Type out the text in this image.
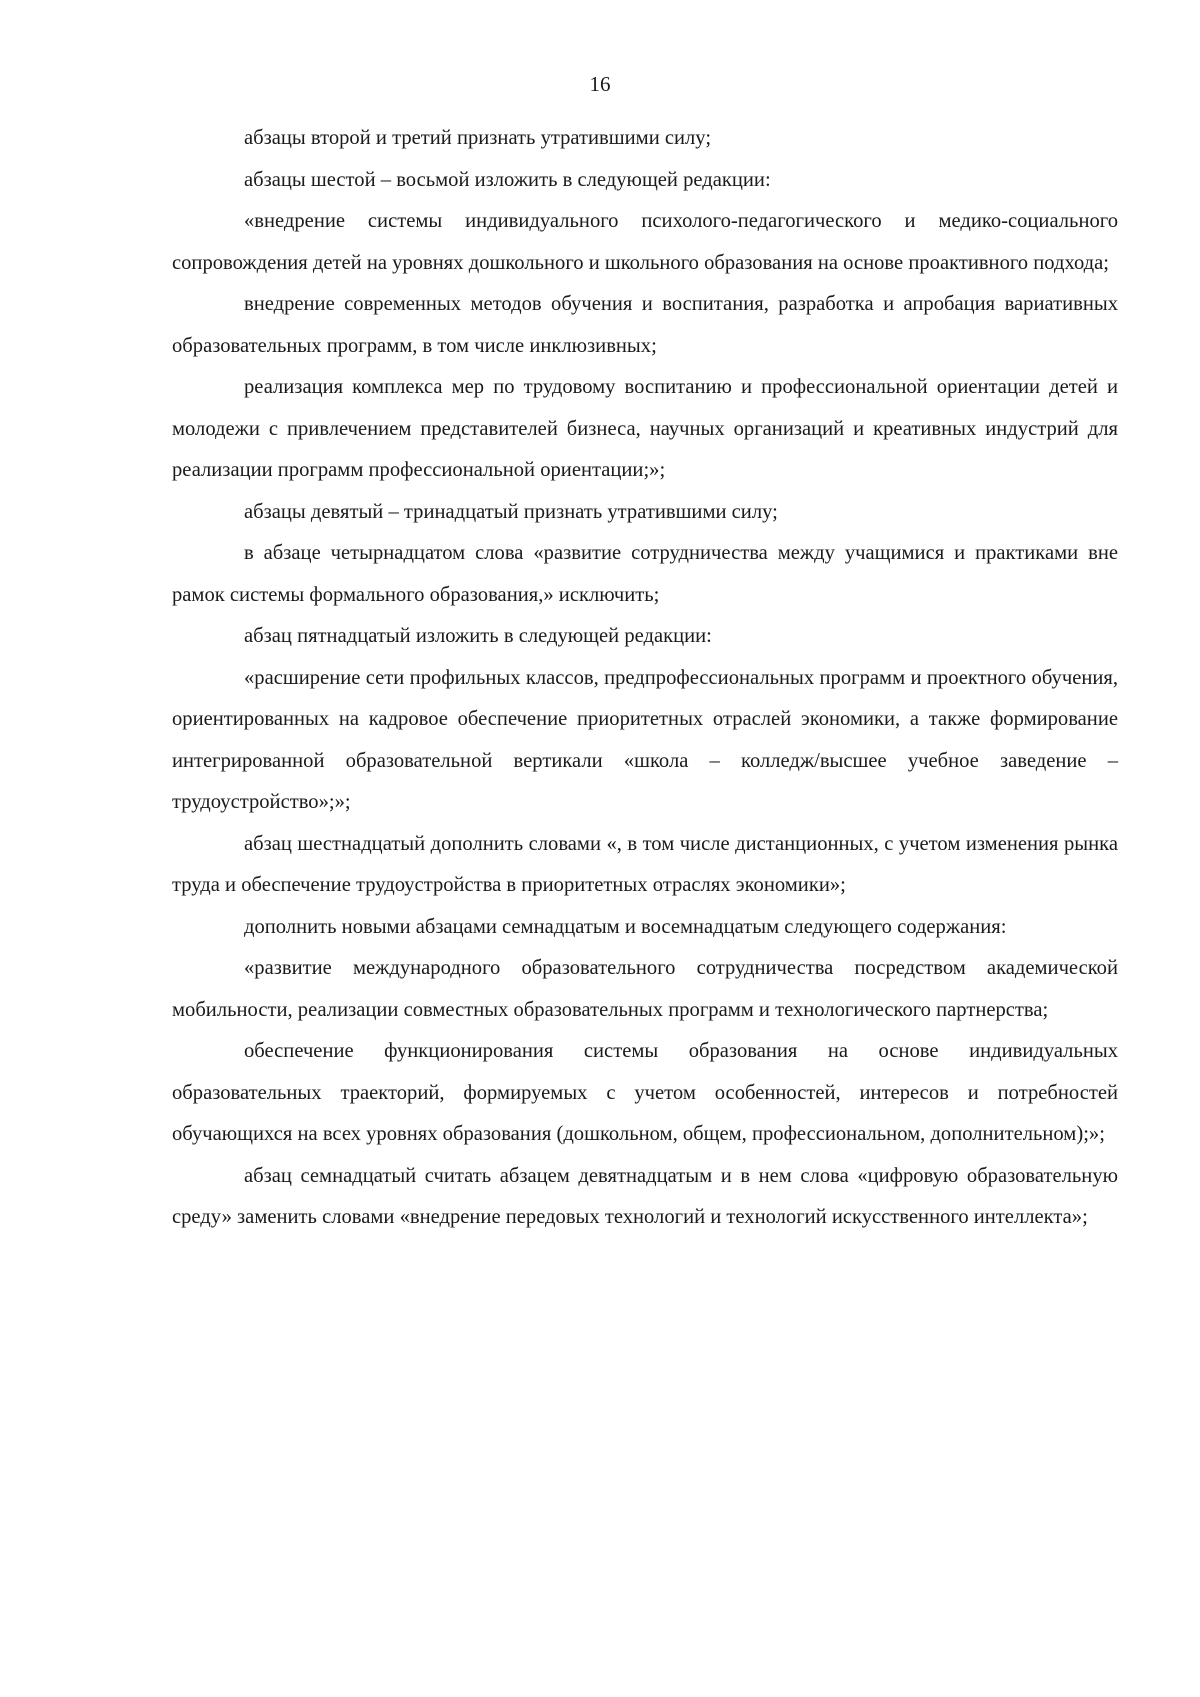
16

абзацы второй и третий признать утратившими силу;

абзацы шестой – восьмой изложить в следующей редакции:

«внедрение системы индивидуального психолого-педагогического и медико-социального сопровождения детей на уровнях дошкольного и школьного образования на основе проактивного подхода;

внедрение современных методов обучения и воспитания, разработка и апробация вариативных образовательных программ, в том числе инклюзивных;

реализация комплекса мер по трудовому воспитанию и профессиональной ориентации детей и молодежи с привлечением представителей бизнеса, научных организаций и креативных индустрий для реализации программ профессиональной ориентации;»;

абзацы девятый – тринадцатый признать утратившими силу;

в абзаце четырнадцатом слова «развитие сотрудничества между учащимися и практиками вне рамок системы формального образования,» исключить;

абзац пятнадцатый изложить в следующей редакции:

«расширение сети профильных классов, предпрофессиональных программ и проектного обучения, ориентированных на кадровое обеспечение приоритетных отраслей экономики, а также формирование интегрированной образовательной вертикали «школа – колледж/высшее учебное заведение – трудоустройство»;»;

абзац шестнадцатый дополнить словами «, в том числе дистанционных, с учетом изменения рынка труда и обеспечение трудоустройства в приоритетных отраслях экономики»;

дополнить новыми абзацами семнадцатым и восемнадцатым следующего содержания:

«развитие международного образовательного сотрудничества посредством академической мобильности, реализации совместных образовательных программ и технологического партнерства;

обеспечение функционирования системы образования на основе индивидуальных образовательных траекторий, формируемых с учетом особенностей, интересов и потребностей обучающихся на всех уровнях образования (дошкольном, общем, профессиональном, дополнительном);»;

абзац семнадцатый считать абзацем девятнадцатым и в нем слова «цифровую образовательную среду» заменить словами «внедрение передовых технологий и технологий искусственного интеллекта»;
